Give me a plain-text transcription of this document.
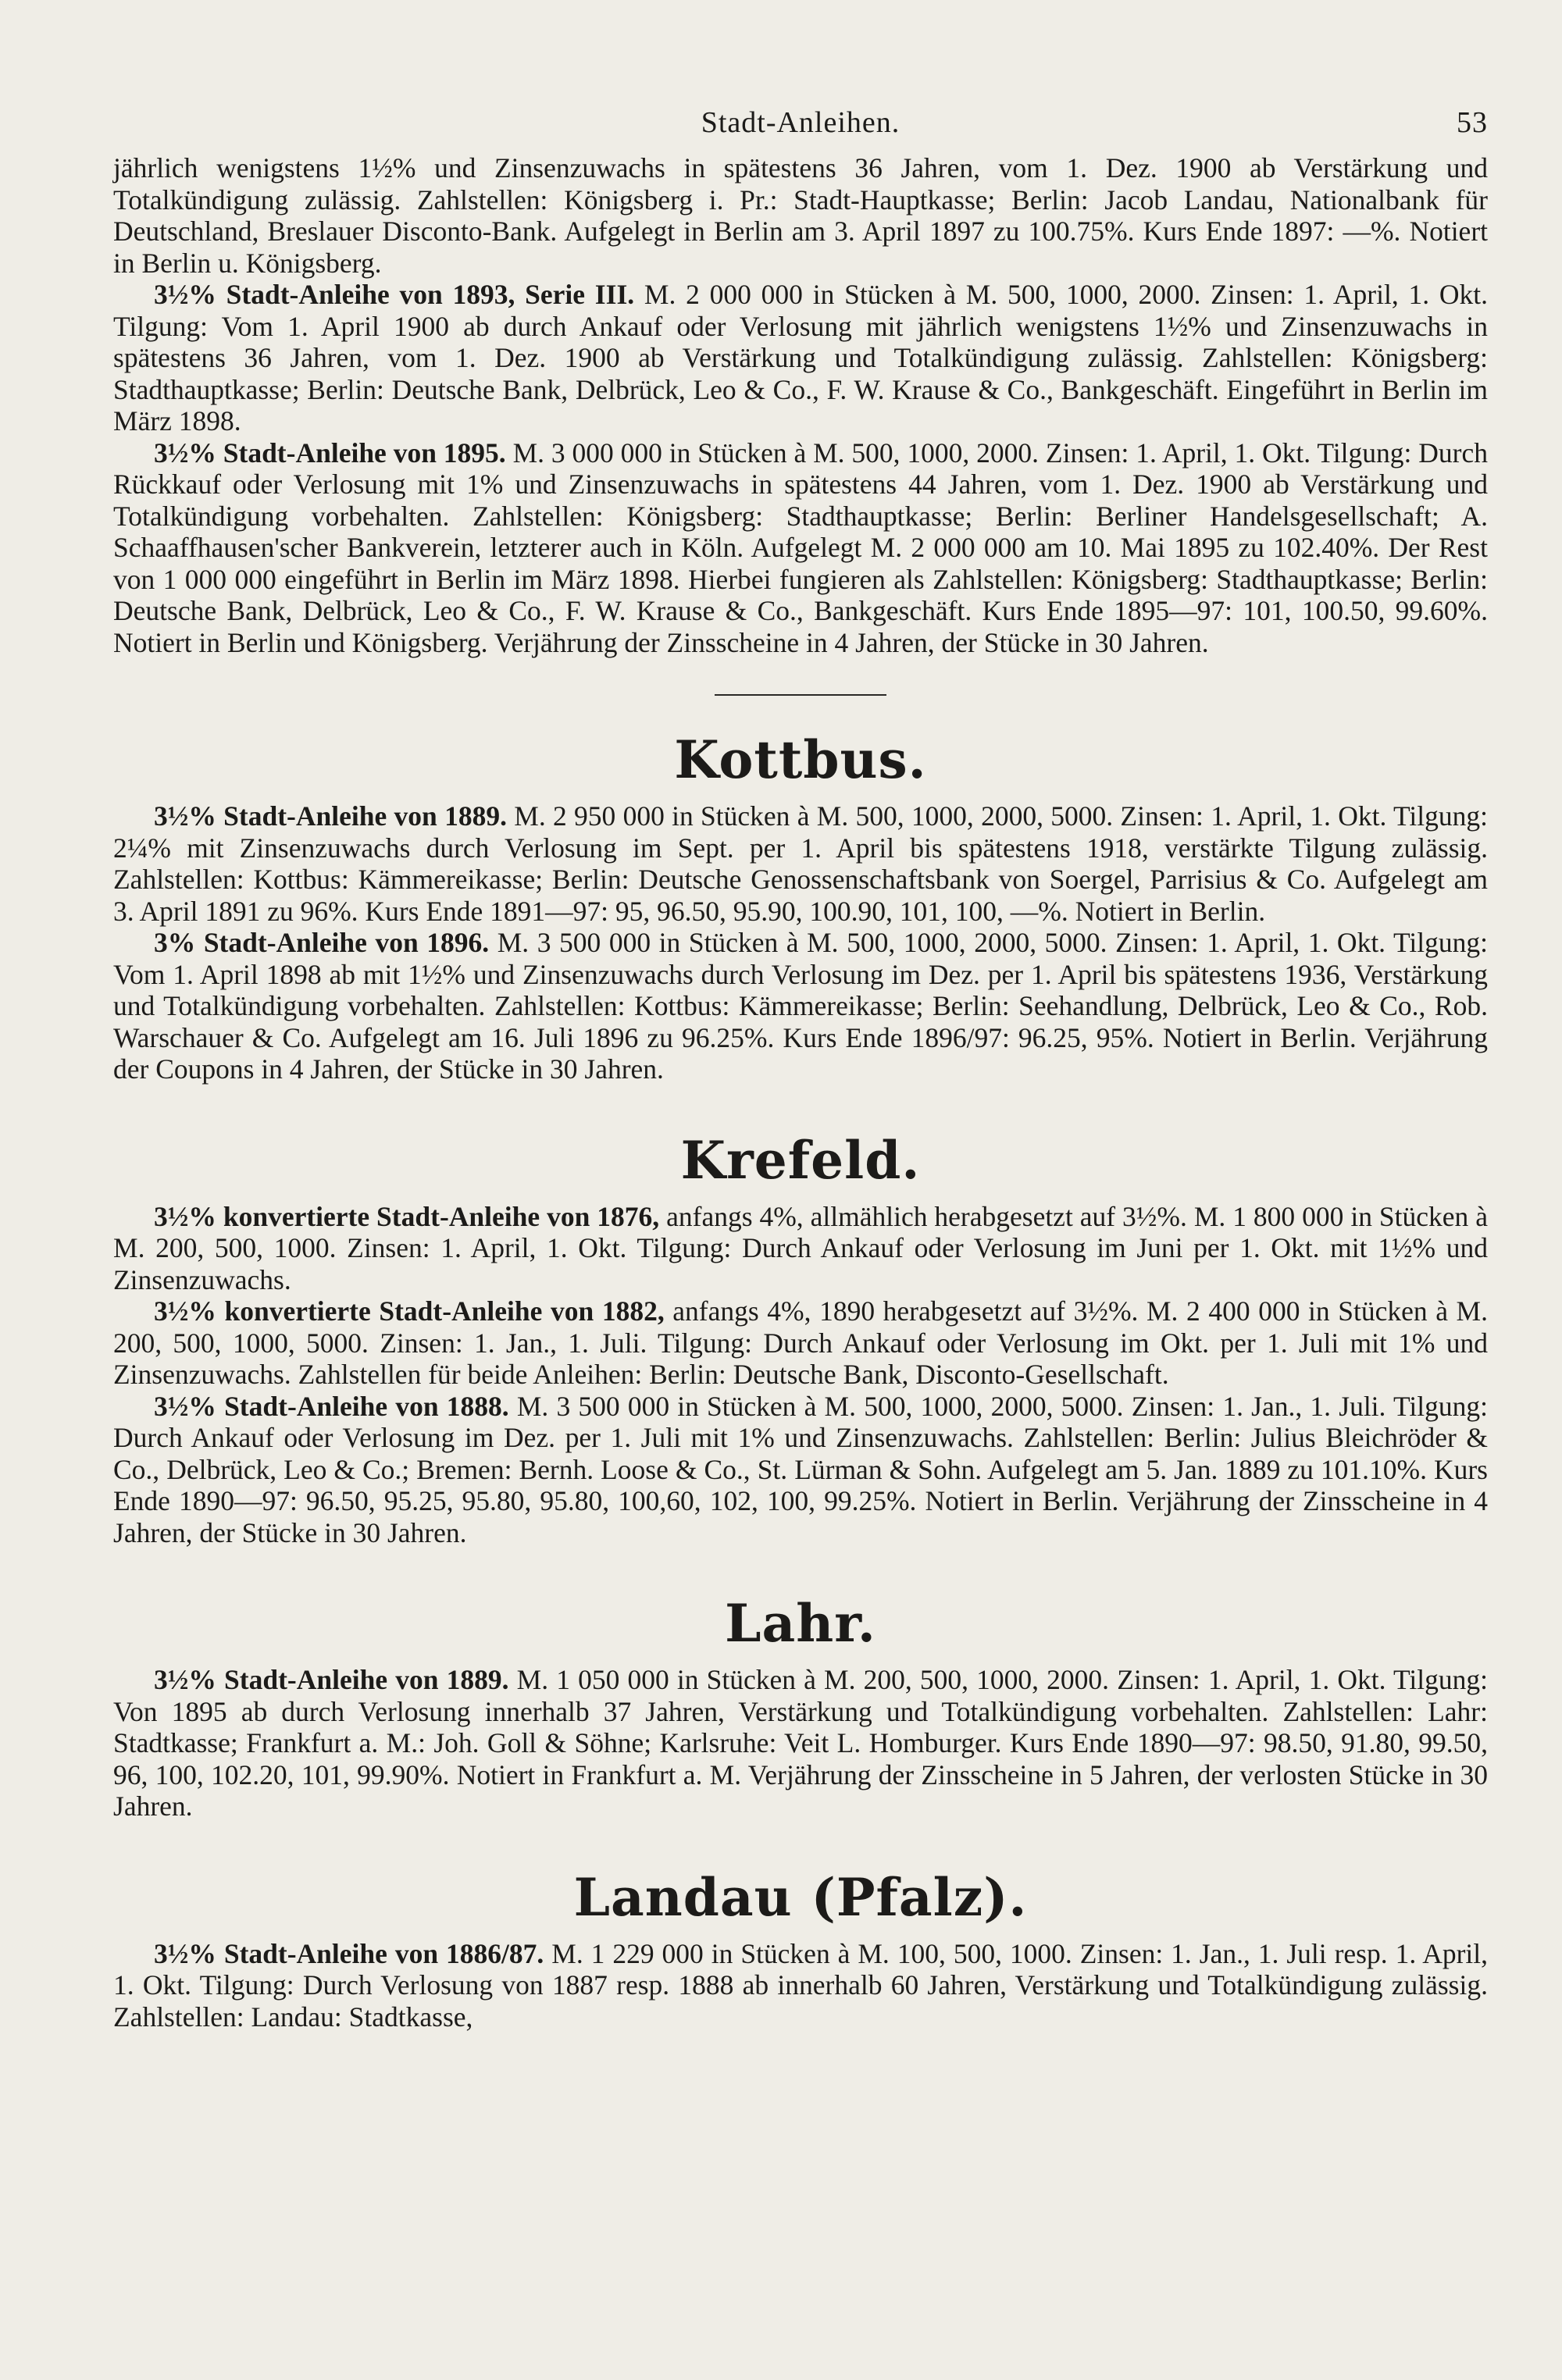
Stadt-Anleihen.	53

jährlich wenigstens 1½% und Zinsenzuwachs in spätestens 36 Jahren, vom 1. Dez. 1900 ab Verstärkung und Totalkündigung zulässig. Zahlstellen: Königsberg i. Pr.: Stadt-Hauptkasse; Berlin: Jacob Landau, Nationalbank für Deutschland, Breslauer Disconto-Bank. Aufgelegt in Berlin am 3. April 1897 zu 100.75%. Kurs Ende 1897: —%. Notiert in Berlin u. Königsberg.

3½% Stadt-Anleihe von 1893, Serie III. M. 2 000 000 in Stücken à M. 500, 1000, 2000. Zinsen: 1. April, 1. Okt. Tilgung: Vom 1. April 1900 ab durch Ankauf oder Verlosung mit jährlich wenigstens 1½% und Zinsenzuwachs in spätestens 36 Jahren, vom 1. Dez. 1900 ab Verstärkung und Totalkündigung zulässig. Zahlstellen: Königsberg: Stadthauptkasse; Berlin: Deutsche Bank, Delbrück, Leo & Co., F. W. Krause & Co., Bankgeschäft. Eingeführt in Berlin im März 1898.

3½% Stadt-Anleihe von 1895. M. 3 000 000 in Stücken à M. 500, 1000, 2000. Zinsen: 1. April, 1. Okt. Tilgung: Durch Rückkauf oder Verlosung mit 1% und Zinsenzuwachs in spätestens 44 Jahren, vom 1. Dez. 1900 ab Verstärkung und Totalkündigung vorbehalten. Zahlstellen: Königsberg: Stadthauptkasse; Berlin: Berliner Handelsgesellschaft; A. Schaaffhausen'scher Bankverein, letzterer auch in Köln. Aufgelegt M. 2 000 000 am 10. Mai 1895 zu 102.40%. Der Rest von 1 000 000 eingeführt in Berlin im März 1898. Hierbei fungieren als Zahlstellen: Königsberg: Stadthauptkasse; Berlin: Deutsche Bank, Delbrück, Leo & Co., F. W. Krause & Co., Bankgeschäft. Kurs Ende 1895—97: 101, 100.50, 99.60%. Notiert in Berlin und Königsberg. Verjährung der Zinsscheine in 4 Jahren, der Stücke in 30 Jahren.

Kottbus.

3½% Stadt-Anleihe von 1889. M. 2 950 000 in Stücken à M. 500, 1000, 2000, 5000. Zinsen: 1. April, 1. Okt. Tilgung: 2¼% mit Zinsenzuwachs durch Verlosung im Sept. per 1. April bis spätestens 1918, verstärkte Tilgung zulässig. Zahlstellen: Kottbus: Kämmereikasse; Berlin: Deutsche Genossenschaftsbank von Soergel, Parrisius & Co. Aufgelegt am 3. April 1891 zu 96%. Kurs Ende 1891—97: 95, 96.50, 95.90, 100.90, 101, 100, —%. Notiert in Berlin.

3% Stadt-Anleihe von 1896. M. 3 500 000 in Stücken à M. 500, 1000, 2000, 5000. Zinsen: 1. April, 1. Okt. Tilgung: Vom 1. April 1898 ab mit 1½% und Zinsenzuwachs durch Verlosung im Dez. per 1. April bis spätestens 1936, Verstärkung und Totalkündigung vorbehalten. Zahlstellen: Kottbus: Kämmereikasse; Berlin: Seehandlung, Delbrück, Leo & Co., Rob. Warschauer & Co. Aufgelegt am 16. Juli 1896 zu 96.25%. Kurs Ende 1896/97: 96.25, 95%. Notiert in Berlin. Verjährung der Coupons in 4 Jahren, der Stücke in 30 Jahren.

Krefeld.

3½% konvertierte Stadt-Anleihe von 1876, anfangs 4%, allmählich herabgesetzt auf 3½%. M. 1 800 000 in Stücken à M. 200, 500, 1000. Zinsen: 1. April, 1. Okt. Tilgung: Durch Ankauf oder Verlosung im Juni per 1. Okt. mit 1½% und Zinsenzuwachs.

3½% konvertierte Stadt-Anleihe von 1882, anfangs 4%, 1890 herabgesetzt auf 3½%. M. 2 400 000 in Stücken à M. 200, 500, 1000, 5000. Zinsen: 1. Jan., 1. Juli. Tilgung: Durch Ankauf oder Verlosung im Okt. per 1. Juli mit 1% und Zinsenzuwachs. Zahlstellen für beide Anleihen: Berlin: Deutsche Bank, Disconto-Gesellschaft.

3½% Stadt-Anleihe von 1888. M. 3 500 000 in Stücken à M. 500, 1000, 2000, 5000. Zinsen: 1. Jan., 1. Juli. Tilgung: Durch Ankauf oder Verlosung im Dez. per 1. Juli mit 1% und Zinsenzuwachs. Zahlstellen: Berlin: Julius Bleichröder & Co., Delbrück, Leo & Co.; Bremen: Bernh. Loose & Co., St. Lürman & Sohn. Aufgelegt am 5. Jan. 1889 zu 101.10%. Kurs Ende 1890—97: 96.50, 95.25, 95.80, 95.80, 100,60, 102, 100, 99.25%. Notiert in Berlin. Verjährung der Zinsscheine in 4 Jahren, der Stücke in 30 Jahren.

Lahr.

3½% Stadt-Anleihe von 1889. M. 1 050 000 in Stücken à M. 200, 500, 1000, 2000. Zinsen: 1. April, 1. Okt. Tilgung: Von 1895 ab durch Verlosung innerhalb 37 Jahren, Verstärkung und Totalkündigung vorbehalten. Zahlstellen: Lahr: Stadtkasse; Frankfurt a. M.: Joh. Goll & Söhne; Karlsruhe: Veit L. Homburger. Kurs Ende 1890—97: 98.50, 91.80, 99.50, 96, 100, 102.20, 101, 99.90%. Notiert in Frankfurt a. M. Verjährung der Zinsscheine in 5 Jahren, der verlosten Stücke in 30 Jahren.

Landau (Pfalz).

3½% Stadt-Anleihe von 1886/87. M. 1 229 000 in Stücken à M. 100, 500, 1000. Zinsen: 1. Jan., 1. Juli resp. 1. April, 1. Okt. Tilgung: Durch Verlosung von 1887 resp. 1888 ab innerhalb 60 Jahren, Verstärkung und Totalkündigung zulässig. Zahlstellen: Landau: Stadtkasse,
